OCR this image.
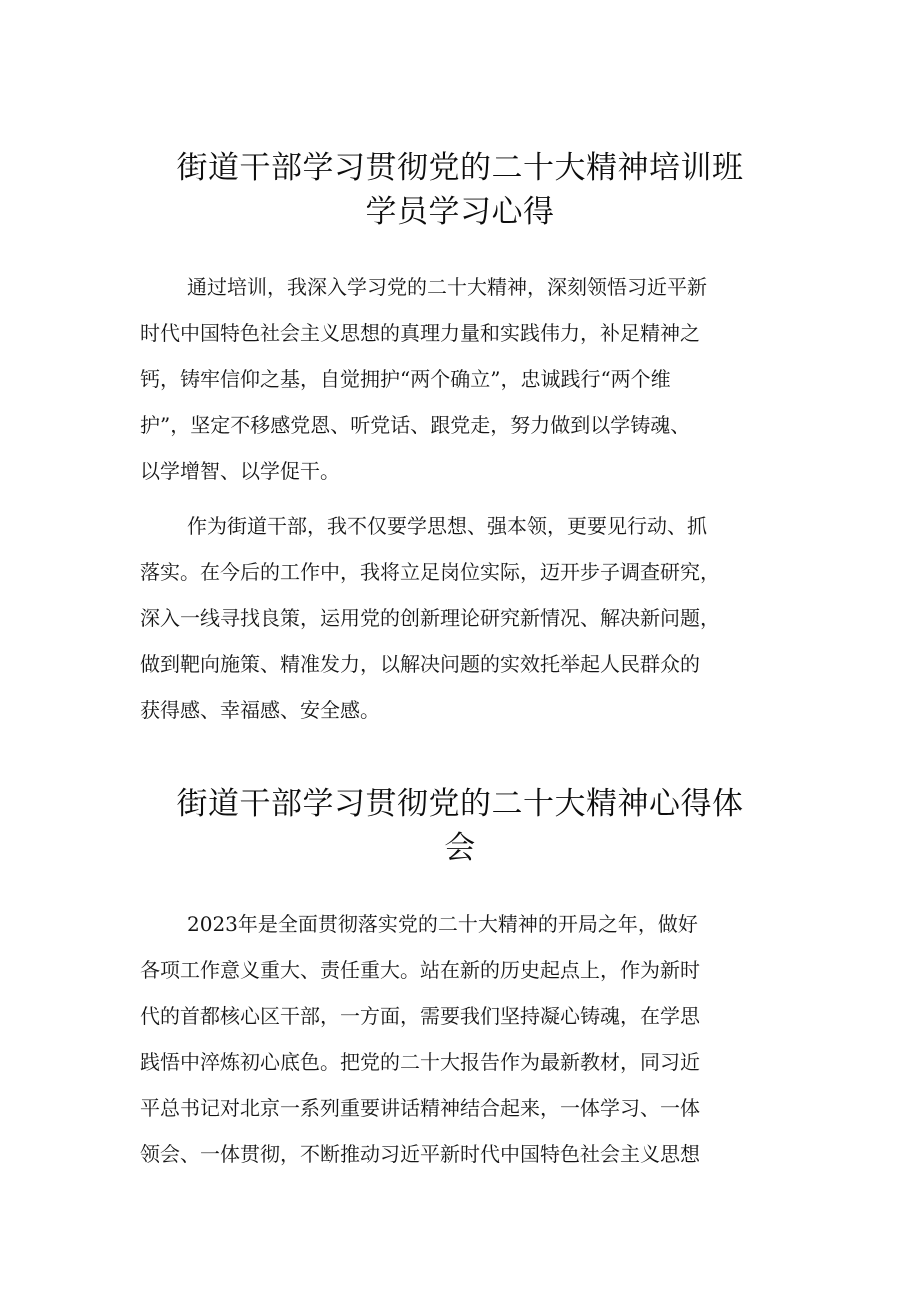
街道干部学习贯彻党的二十大精神培训班
学员学习心得

通过培训，我深入学习党的二十大精神，深刻领悟习近平新
时代中国特色社会主义思想的真理力量和实践伟力，补足精神之
钙，铸牢信仰之基，自觉拥护“两个确立”，忠诚践行“两个维
护”，坚定不移感党恩、听党话、跟党走，努力做到以学铸魂、
以学增智、以学促干。

作为街道干部，我不仅要学思想、强本领，更要见行动、抓
落实。在今后的工作中，我将立足岗位实际，迈开步子调查研究，
深入一线寻找良策，运用党的创新理论研究新情况、解决新问题，
做到靶向施策、精准发力，以解决问题的实效托举起人民群众的
获得感、幸福感、安全感。

街道干部学习贯彻党的二十大精神心得体
会

2023年是全面贯彻落实党的二十大精神的开局之年，做好
各项工作意义重大、责任重大。站在新的历史起点上，作为新时
代的首都核心区干部，一方面，需要我们坚持凝心铸魂，在学思
践悟中淬炼初心底色。把党的二十大报告作为最新教材，同习近
平总书记对北京一系列重要讲话精神结合起来，一体学习、一体
领会、一体贯彻，不断推动习近平新时代中国特色社会主义思想
